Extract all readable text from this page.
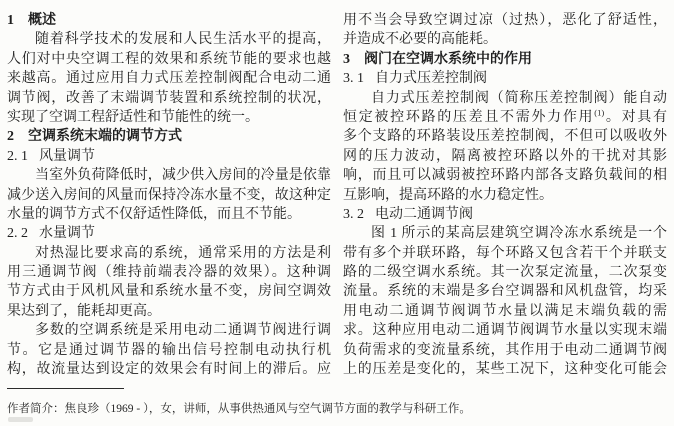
1 概述
随着科学技术的发展和人民生活水平的提高，
人们对中央空调工程的效果和系统节能的要求也越
来越高。通过应用自力式压差控制阀配合电动二通
调节阀，改善了末端调节装置和系统控制的状况，
实现了空调工程舒适性和节能性的统一。
2 空调系统末端的调节方式
2. 1 风量调节
当室外负荷降低时，减少供入房间的冷量是依靠
减少送入房间的风量而保持冷冻水量不变，故这种定
水量的调节方式不仅舒适性降低，而且不节能。
2. 2 水量调节
对热湿比要求高的系统，通常采用的方法是利
用三通调节阀（维持前端表冷器的效果）。这种调
节方式由于风机风量和系统水量不变，房间空调效
果达到了，能耗却更高。
多数的空调系统是采用电动二通调节阀进行调
节。它是通过调节器的输出信号控制电动执行机
构，故流量达到设定的效果会有时间上的滞后。应
用不当会导致空调过凉（过热），恶化了舒适性，
并造成不必要的高能耗。
3 阀门在空调水系统中的作用
3. 1 自力式压差控制阀
自力式压差控制阀（简称压差控制阀）能自动
恒定被控环路的压差且不需外力作用$^{(1)}$。对具有
多个支路的环路装设压差控制阀，不但可以吸收外
网的压力波动，隔离被控环路以外的干扰对其影
响，而且可以减弱被控环路内部各支路负载间的相
互影响，提高环路的水力稳定性。
3. 2 电动二通调节阀
图 1 所示的某高层建筑空调冷冻水系统是一个
带有多个并联环路，每个环路又包含若干个并联支
路的二级空调水系统。其一次泵定流量，二次泵变
流量。系统的末端是多台空调器和风机盘管，均采
用电动二通调节阀调节水量以满足末端负载的需
求。这种应用电动二通调节阀调节水量以实现末端
负荷需求的变流量系统，其作用于电动二通调节阀
上的压差是变化的，某些工况下，这种变化可能会
作者简介：焦良珍（1969 - ），女，讲师，从事供热通风与空气调节方面的教学与科研工作。
